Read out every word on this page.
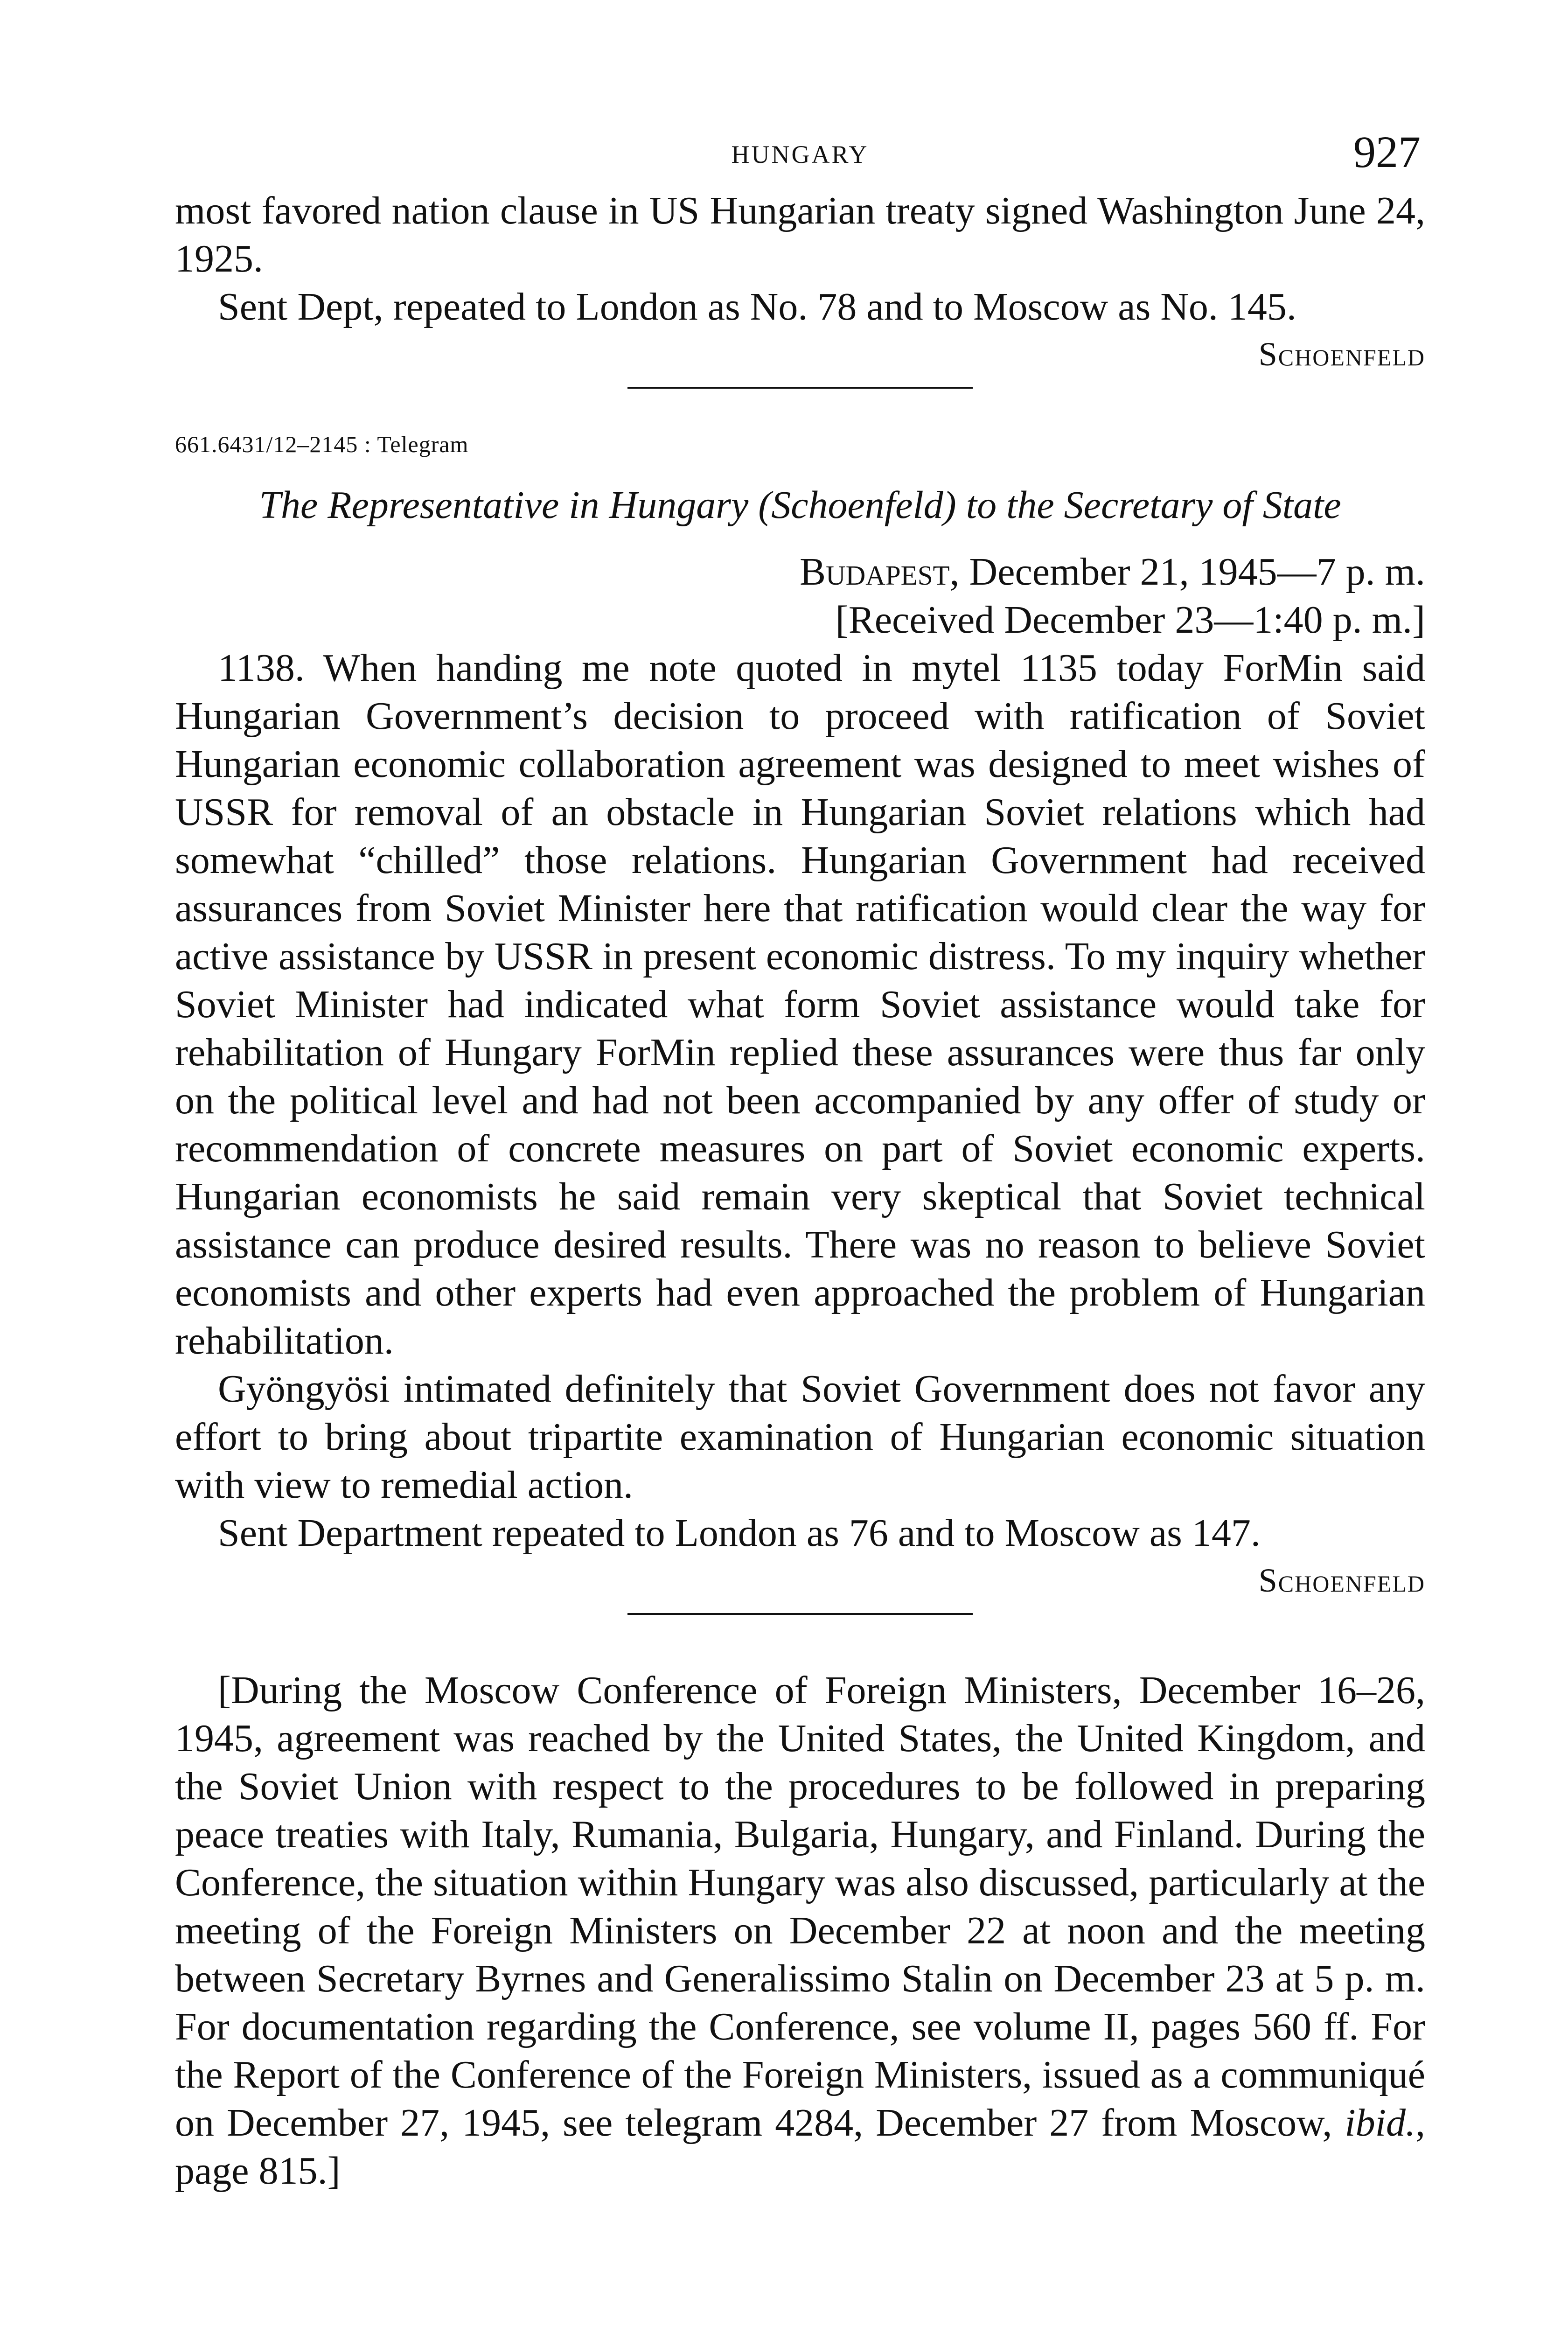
HUNGARY	927

most favored nation clause in US Hungarian treaty signed Washington June 24, 1925.

Sent Dept, repeated to London as No. 78 and to Moscow as No. 145.

Schoenfeld

661.6431/12–2145 : Telegram

The Representative in Hungary (Schoenfeld) to the Secretary of State

Budapest, December 21, 1945—7 p. m.

[Received December 23—1:40 p. m.]

1138. When handing me note quoted in mytel 1135 today ForMin said Hungarian Government’s decision to proceed with ratification of Soviet Hungarian economic collaboration agreement was designed to meet wishes of USSR for removal of an obstacle in Hungarian Soviet relations which had somewhat “chilled” those relations. Hungarian Government had received assurances from Soviet Minister here that ratification would clear the way for active assistance by USSR in present economic distress. To my inquiry whether Soviet Minister had indicated what form Soviet assistance would take for rehabilitation of Hungary ForMin replied these assurances were thus far only on the political level and had not been accompanied by any offer of study or recommendation of concrete measures on part of Soviet economic experts. Hungarian economists he said remain very skeptical that Soviet technical assistance can produce desired results. There was no reason to believe Soviet economists and other experts had even approached the problem of Hungarian rehabilitation.

Gyöngyösi intimated definitely that Soviet Government does not favor any effort to bring about tripartite examination of Hungarian economic situation with view to remedial action.

Sent Department repeated to London as 76 and to Moscow as 147.

Schoenfeld

[During the Moscow Conference of Foreign Ministers, December 16–26, 1945, agreement was reached by the United States, the United Kingdom, and the Soviet Union with respect to the procedures to be followed in preparing peace treaties with Italy, Rumania, Bulgaria, Hungary, and Finland. During the Conference, the situation within Hungary was also discussed, particularly at the meeting of the Foreign Ministers on December 22 at noon and the meeting between Secretary Byrnes and Generalissimo Stalin on December 23 at 5 p. m. For documentation regarding the Conference, see volume II, pages 560 ff. For the Report of the Conference of the Foreign Ministers, issued as a communiqué on December 27, 1945, see telegram 4284, December 27 from Moscow, ibid., page 815.]
